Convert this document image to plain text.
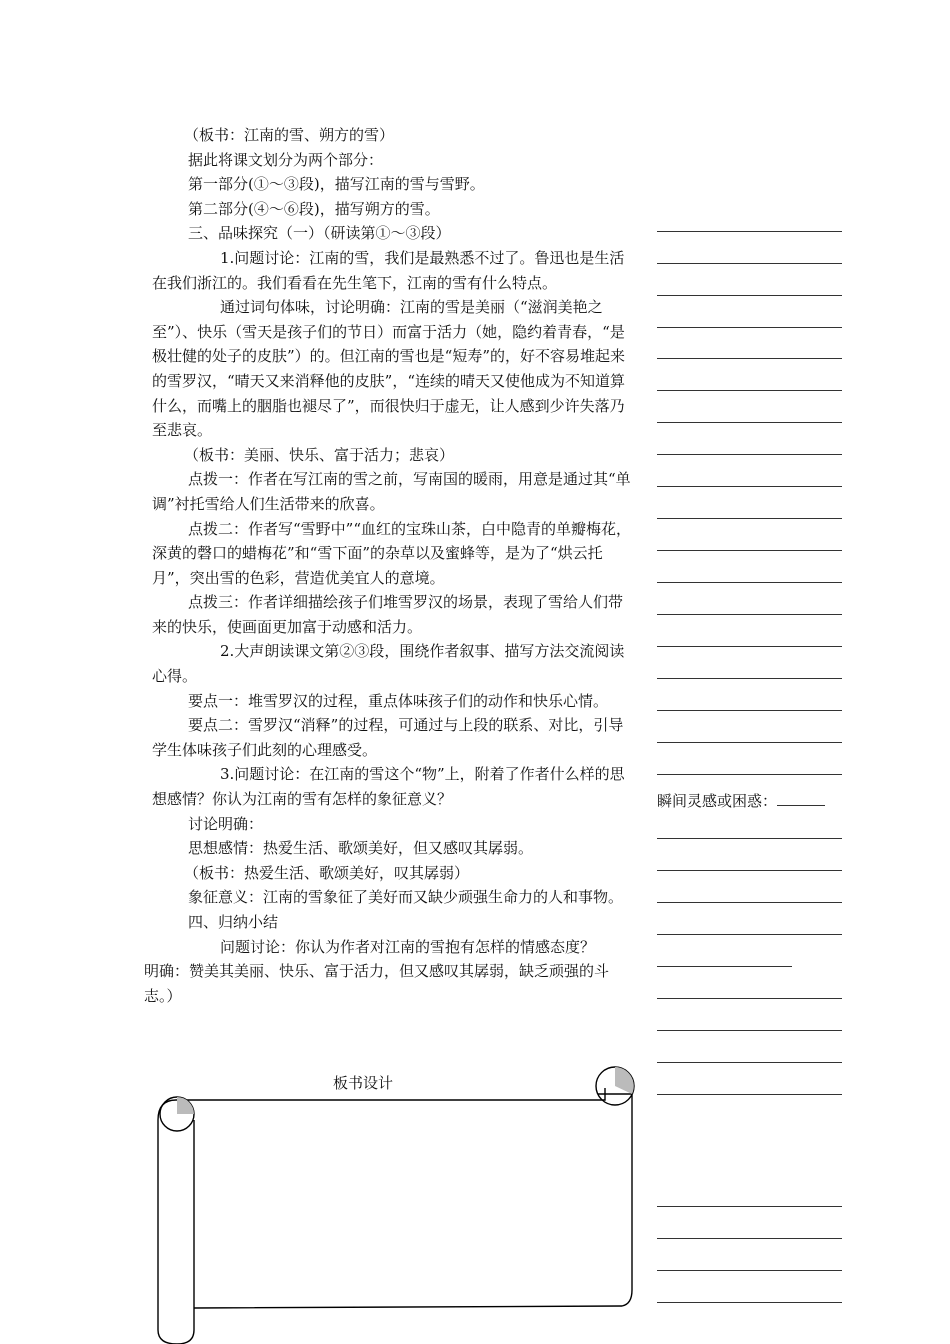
（板书：江南的雪、朔方的雪）

据此将课文划分为两个部分：

第一部分(①～③段)，描写江南的雪与雪野。

第二部分(④～⑥段)，描写朔方的雪。

三、品味探究（一）（研读第①～③段）

1.问题讨论：江南的雪，我们是最熟悉不过了。鲁迅也是生活在我们浙江的。我们看看在先生笔下，江南的雪有什么特点。

通过词句体味，讨论明确：江南的雪是美丽（“滋润美艳之至”）、快乐（雪天是孩子们的节日）而富于活力（她，隐约着青春，“是极壮健的处子的皮肤”）的。但江南的雪也是“短寿”的，好不容易堆起来的雪罗汉，“晴天又来消释他的皮肤”，“连续的晴天又使他成为不知道算什么，而嘴上的胭脂也褪尽了”，而很快归于虚无，让人感到少许失落乃至悲哀。

（板书：美丽、快乐、富于活力；悲哀）

点拨一：作者在写江南的雪之前，写南国的暖雨，用意是通过其“单调”衬托雪给人们生活带来的欣喜。

点拨二：作者写“雪野中”“血红的宝珠山茶，白中隐青的单瓣梅花，深黄的磬口的蜡梅花”和“雪下面”的杂草以及蜜蜂等，是为了“烘云托月”，突出雪的色彩，营造优美宜人的意境。

点拨三：作者详细描绘孩子们堆雪罗汉的场景，表现了雪给人们带来的快乐，使画面更加富于动感和活力。

2.大声朗读课文第②③段，围绕作者叙事、描写方法交流阅读心得。

要点一：堆雪罗汉的过程，重点体味孩子们的动作和快乐心情。

要点二：雪罗汉“消释”的过程，可通过与上段的联系、对比，引导学生体味孩子们此刻的心理感受。

3.问题讨论：在江南的雪这个“物”上，附着了作者什么样的思想感情？你认为江南的雪有怎样的象征意义？

讨论明确：

思想感情：热爱生活、歌颂美好，但又感叹其孱弱。

（板书：热爱生活、歌颂美好，叹其孱弱）

象征意义：江南的雪象征了美好而又缺少顽强生命力的人和事物。

四、归纳小结

问题讨论：你认为作者对江南的雪抱有怎样的情感态度？

明确：赞美其美丽、快乐、富于活力，但又感叹其孱弱，缺乏顽强的斗志。）

瞬间灵感或困惑：
板书设计
